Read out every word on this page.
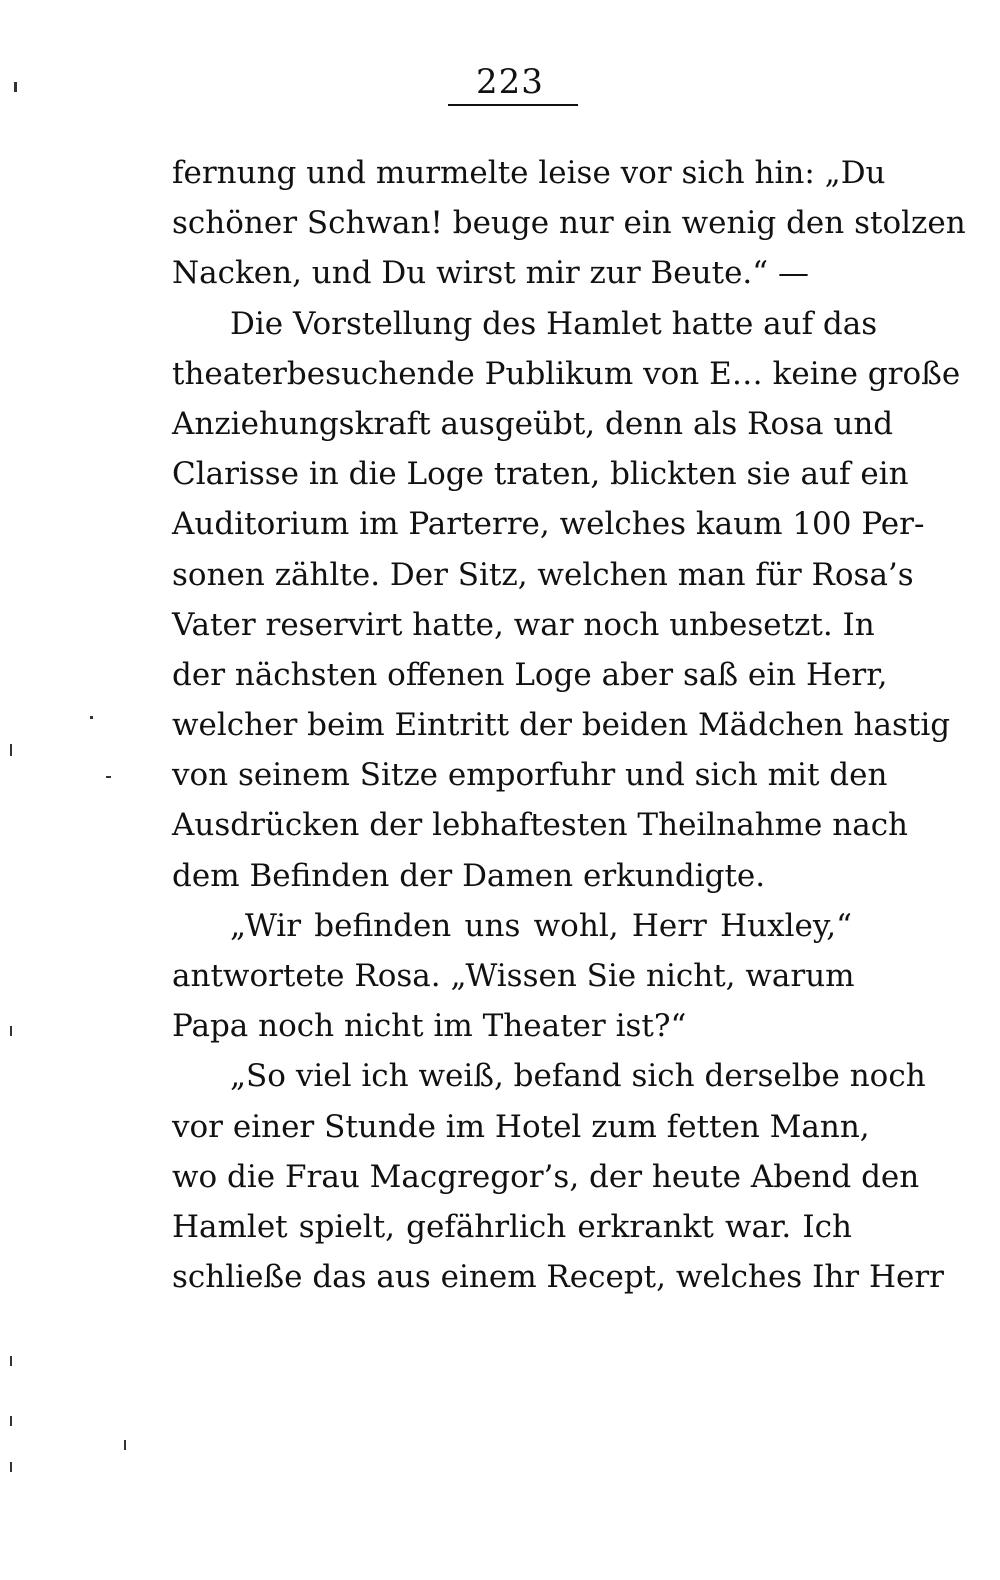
223
fernung und murmelte leise vor sich hin: „Du
schöner Schwan! beuge nur ein wenig den stolzen
Nacken, und Du wirst mir zur Beute.“ —
Die Vorstellung des Hamlet hatte auf das
theaterbesuchende Publikum von E… keine große
Anziehungskraft ausgeübt, denn als Rosa und
Clarisse in die Loge traten, blickten sie auf ein
Auditorium im Parterre, welches kaum 100 Per-
sonen zählte. Der Sitz, welchen man für Rosa’s
Vater reservirt hatte, war noch unbesetzt. In
der nächsten offenen Loge aber saß ein Herr,
welcher beim Eintritt der beiden Mädchen hastig
von seinem Sitze emporfuhr und sich mit den
Ausdrücken der lebhaftesten Theilnahme nach
dem Befinden der Damen erkundigte.
„Wir befinden uns wohl, Herr Huxley,“
antwortete Rosa. „Wissen Sie nicht, warum
Papa noch nicht im Theater ist?“
„So viel ich weiß, befand sich derselbe noch
vor einer Stunde im Hotel zum fetten Mann,
wo die Frau Macgregor’s, der heute Abend den
Hamlet spielt, gefährlich erkrankt war. Ich
schließe das aus einem Recept, welches Ihr Herr
